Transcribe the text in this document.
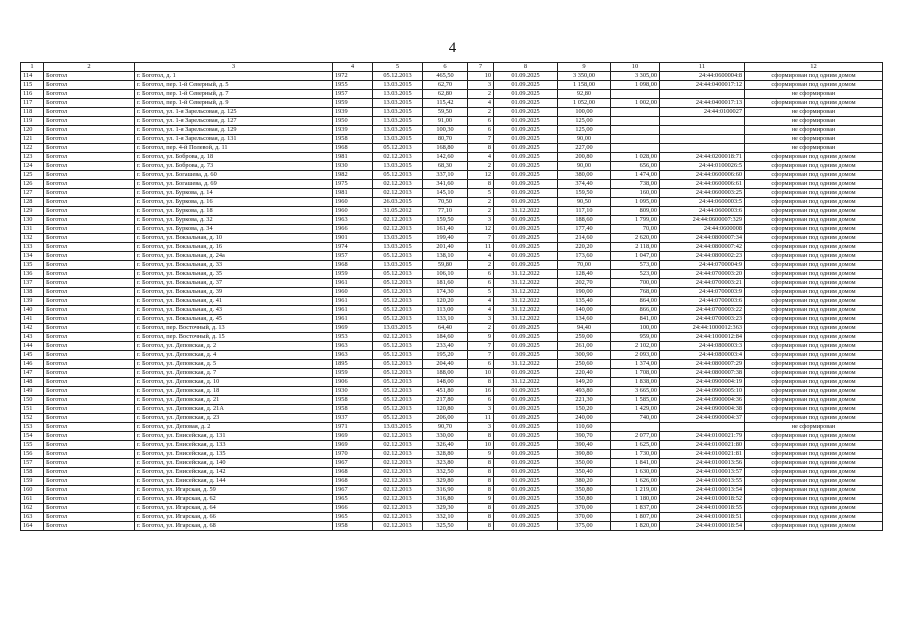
4
1	2	3	4	5	6	7	8	9	10	11	12
114	Боготол	г. Боготол, д. 1	1972	05.12.2013	465,50	10	01.09.2025	3 350,00	3 305,00	24:44:0600004:8	сформирован под одним домом
115	Боготол	г. Боготол, пер. 1-й Северный, д. 5	1955	13.03.2015	62,70	3	01.09.2025	1 158,00	1 098,00	24:44:0400017:12	сформирован под одним домом
116	Боготол	г. Боготол, пер. 1-й Северный, д. 7	1957	13.03.2015	62,80	2	01.09.2025	92,80			не сформирован
117	Боготол	г. Боготол, пер. 1-й Северный, д. 9	1959	13.03.2015	115,42	4	01.09.2025	1 052,00	1 002,00	24:44:0400017:13	сформирован под одним домом
118	Боготол	г. Боготол, ул. 1-я Зарельсовая, д. 125	1939	13.03.2015	59,50	2	01.09.2025	100,00		24:44:0100027	не сформирован
119	Боготол	г. Боготол, ул. 1-я Зарельсовая, д. 127	1950	13.03.2015	91,00	6	01.09.2025	125,00			не сформирован
120	Боготол	г. Боготол, ул. 1-я Зарельсовая, д. 129	1939	13.03.2015	100,30	6	01.09.2025	125,00			не сформирован
121	Боготол	г. Боготол, ул. 1-я Зарельсовая, д. 131	1958	13.03.2015	80,70	7	01.09.2025	90,00			не сформирован
122	Боготол	г. Боготол, пер. 4-й Полевой, д. 11	1968	05.12.2013	168,80	8	01.09.2025	227,00			не сформирован
123	Боготол	г. Боготол, ул. Боброва, д. 18	1981	02.12.2013	142,60	4	01.09.2025	200,80	1 028,00	24:44:0200018:71	сформирован под одним домом
124	Боготол	г. Боготол, ул. Боброва, д. 73	1930	13.03.2015	68,30	2	01.09.2025	90,00	656,00	24:44:0100026:5	сформирован под одним домом
125	Боготол	г. Боготол, ул. Богашева, д. 60	1982	05.12.2013	337,10	12	01.09.2025	380,00	1 474,00	24:44:0600006:60	сформирован под одним домом
126	Боготол	г. Боготол, ул. Богашева, д. 69	1975	02.12.2013	341,60	8	01.09.2025	374,40	738,00	24:44:0600006:61	сформирован под одним домом
127	Боготол	г. Боготол, ул. Буркова, д. 14	1981	02.12.2013	145,10	5	01.09.2025	159,50	160,00	24:44:0600003:25	сформирован под одним домом
128	Боготол	г. Боготол, ул. Буркова, д. 16	1960	26.03.2015	70,50	2	01.09.2025	90,50	1 095,00	24:44:0600003:5	сформирован под одним домом
129	Боготол	г. Боготол, ул. Буркова, д. 18	1960	31.05.2012	77,10	2	31.12.2022	117,10	809,00	24:44:0600003:6	сформирован под одним домом
130	Боготол	г. Боготол, ул. Буркова, д. 32	1963	02.12.2013	159,50	3	01.09.2025	188,60	1 799,00	24:44:0600007:329	сформирован под одним домом
131	Боготол	г. Боготол, ул. Буркова, д. 34	1966	02.12.2013	161,40	12	01.09.2025	177,40	70,00	24:44:0600008	сформирован под одним домом
132	Боготол	г. Боготол, ул. Вокзальная, д. 10	1901	13.03.2015	199,40	7	01.09.2025	214,60	2 620,00	24:44:0800007:34	сформирован под одним домом
133	Боготол	г. Боготол, ул. Вокзальная, д. 16	1974	13.03.2015	201,40	11	01.09.2025	220,20	2 118,00	24:44:0800007:42	сформирован под одним домом
134	Боготол	г. Боготол, ул. Вокзальная, д. 24а	1957	05.12.2013	138,10	4	01.09.2025	173,60	1 047,00	24:44:0800002:23	сформирован под одним домом
135	Боготол	г. Боготол, ул. Вокзальная, д. 33	1968	13.03.2015	59,80	2	01.09.2025	70,00	573,00	24:44:0700004:9	сформирован под одним домом
136	Боготол	г. Боготол, ул. Вокзальная, д. 35	1959	05.12.2013	106,10	6	31.12.2022	128,40	523,00	24:44:0700003:20	сформирован под одним домом
137	Боготол	г. Боготол, ул. Вокзальная, д. 37	1961	05.12.2013	181,60	6	31.12.2022	202,70	700,00	24:44:0700003:21	сформирован под одним домом
138	Боготол	г. Боготол, ул. Вокзальная, д. 39	1960	05.12.2013	174,30	5	31.12.2022	190,00	768,00	24:44:0700003:9	сформирован под одним домом
139	Боготол	г. Боготол, ул. Вокзальная, д. 41	1961	05.12.2013	120,20	4	31.12.2022	135,40	864,00	24:44:0700003:6	сформирован под одним домом
140	Боготол	г. Боготол, ул. Вокзальная, д. 43	1961	05.12.2013	113,00	4	31.12.2022	140,00	866,00	24:44:0700003:22	сформирован под одним домом
141	Боготол	г. Боготол, ул. Вокзальная, д. 45	1961	05.12.2013	133,10	3	31.12.2022	134,60	841,00	24:44:0700003:23	сформирован под одним домом
142	Боготол	г. Боготол, пер. Восточный, д. 13	1969	13.03.2015	64,40	2	01.09.2025	94,40	100,00	24:44:1000012:363	сформирован под одним домом
143	Боготол	г. Боготол, пер. Восточный, д. 15	1953	02.12.2013	184,60	9	01.09.2025	259,00	959,00	24:44:1000012:84	сформирован под одним домом
144	Боготол	г. Боготол, ул. Деповская, д. 2	1963	05.12.2013	233,40	7	01.09.2025	261,00	2 102,00	24:44:0800003:3	сформирован под одним домом
145	Боготол	г. Боготол, ул. Деповская, д. 4	1963	05.12.2013	195,20	7	01.09.2025	300,90	2 093,00	24:44:0800003:4	сформирован под одним домом
146	Боготол	г. Боготол, ул. Деповская, д. 5	1895	05.12.2013	204,40	6	31.12.2022	250,60	1 374,00	24:44:0800007:29	сформирован под одним домом
147	Боготол	г. Боготол, ул. Деповская, д. 7	1959	05.12.2013	188,00	10	01.09.2025	220,40	1 708,00	24:44:0800007:38	сформирован под одним домом
148	Боготол	г. Боготол, ул. Деповская, д. 10	1906	05.12.2013	148,00	8	31.12.2022	149,20	1 838,00	24:44:0900004:19	сформирован под одним домом
149	Боготол	г. Боготол, ул. Деповская, д. 18	1930	05.12.2013	451,80	16	01.09.2025	493,80	3 665,00	24:44:0900005:10	сформирован под одним домом
150	Боготол	г. Боготол, ул. Деповская, д. 21	1958	05.12.2013	217,80	6	01.09.2025	221,30	1 585,00	24:44:0900004:36	сформирован под одним домом
151	Боготол	г. Боготол, ул. Деповская, д. 21А	1958	05.12.2013	120,80	3	01.09.2025	150,20	1 429,00	24:44:0900004:38	сформирован под одним домом
152	Боготол	г. Боготол, ул. Деповская, д. 23	1937	05.12.2013	206,00	11	01.09.2025	240,00	740,00	24:44:0900004:37	сформирован под одним домом
153	Боготол	г. Боготол, ул. Деповая, д. 2	1971	13.03.2015	90,70	3	01.09.2025	110,60			не сформирован
154	Боготол	г. Боготол, ул. Енисейская, д. 131	1969	02.12.2013	330,00	8	01.09.2025	390,70	2 077,00	24:44:0100021:79	сформирован под одним домом
155	Боготол	г. Боготол, ул. Енисейская, д. 133	1969	02.12.2013	326,40	10	01.09.2025	390,40	1 625,00	24:44:0100021:80	сформирован под одним домом
156	Боготол	г. Боготол, ул. Енисейская, д. 135	1970	02.12.2013	328,80	9	01.09.2025	390,80	1 730,00	24:44:0100021:81	сформирован под одним домом
157	Боготол	г. Боготол, ул. Енисейская, д. 140	1967	02.12.2013	323,80	8	01.09.2025	350,00	1 841,00	24:44:0100013:56	сформирован под одним домом
158	Боготол	г. Боготол, ул. Енисейская, д. 142	1968	02.12.2013	332,50	8	01.09.2025	350,40	1 630,00	24:44:0100013:57	сформирован под одним домом
159	Боготол	г. Боготол, ул. Енисейская, д. 144	1968	02.12.2013	329,80	8	01.09.2025	380,20	1 626,00	24:44:0100013:55	сформирован под одним домом
160	Боготол	г. Боготол, ул. Игарская, д. 59	1967	02.12.2013	316,90	8	01.09.2025	350,80	1 219,00	24:44:0100013:54	сформирован под одним домом
161	Боготол	г. Боготол, ул. Игарская, д. 62	1965	02.12.2013	316,80	9	01.09.2025	350,80	1 180,00	24:44:0100018:52	сформирован под одним домом
162	Боготол	г. Боготол, ул. Игарская, д. 64	1966	02.12.2013	329,30	8	01.09.2025	370,00	1 837,00	24:44:0100018:55	сформирован под одним домом
163	Боготол	г. Боготол, ул. Игарская, д. 66	1965	02.12.2013	332,10	8	01.09.2025	370,00	1 807,00	24:44:0100018:51	сформирован под одним домом
164	Боготол	г. Боготол, ул. Игарская, д. 68	1958	02.12.2013	325,50	8	01.09.2025	375,00	1 820,00	24:44:0100018:54	сформирован под одним домом
